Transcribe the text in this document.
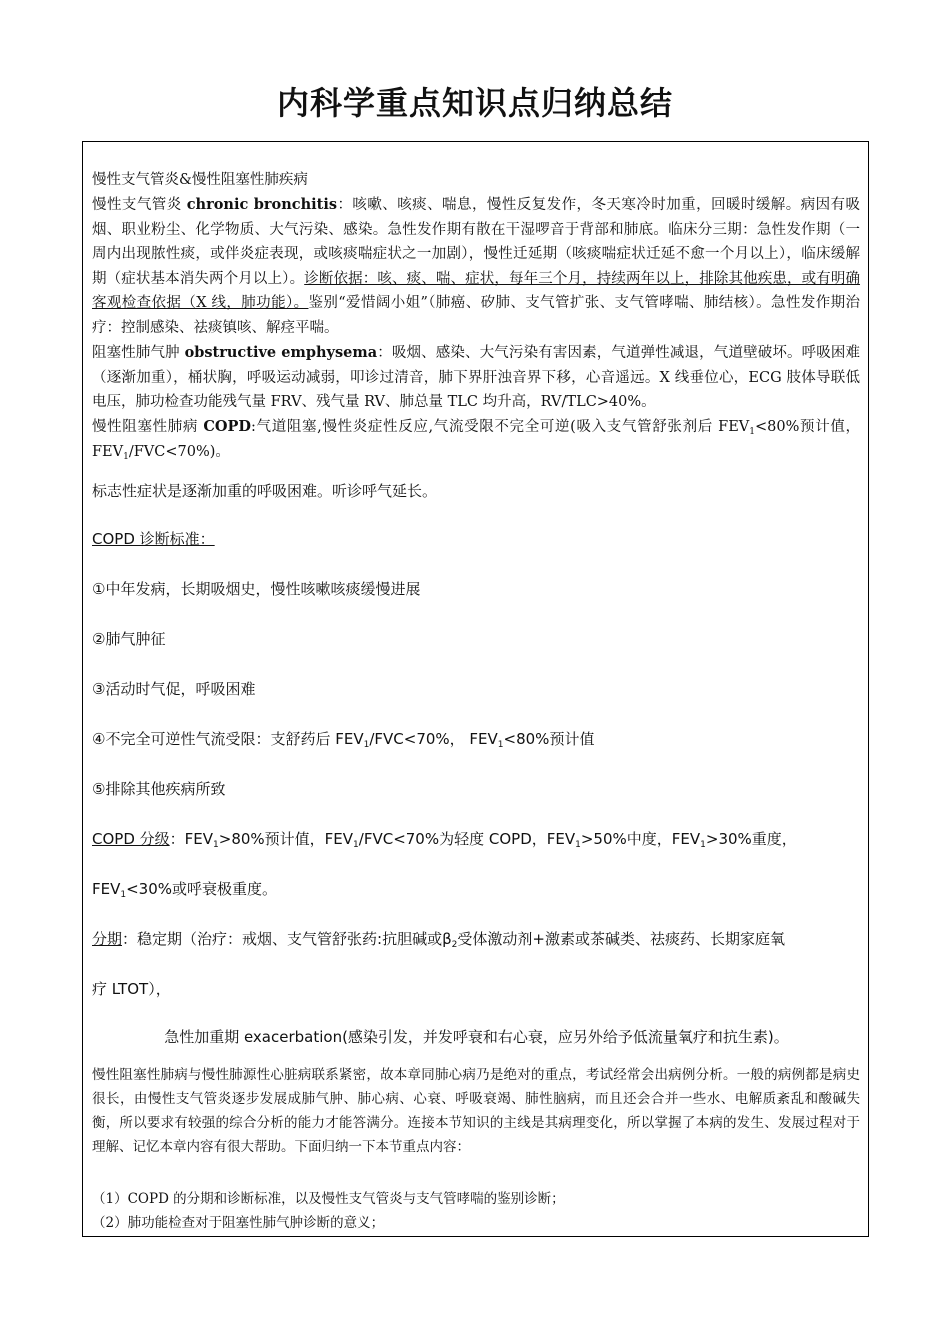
内科学重点知识点归纳总结
慢性支气管炎&慢性阻塞性肺疾病

慢性支气管炎 chronic bronchitis：咳嗽、咳痰、喘息，慢性反复发作，冬天寒冷时加重，回暖时缓解。病因有吸烟、职业粉尘、化学物质、大气污染、感染。急性发作期有散在干湿啰音于背部和肺底。临床分三期：急性发作期（一周内出现脓性痰，或伴炎症表现，或咳痰喘症状之一加剧），慢性迁延期（咳痰喘症状迁延不愈一个月以上），临床缓解期（症状基本消失两个月以上）。诊断依据：咳、痰、喘、症状，每年三个月，持续两年以上，排除其他疾患，或有明确客观检查依据（X 线，肺功能）。鉴别“爱惜阔小姐”（肺癌、矽肺、支气管扩张、支气管哮喘、肺结核）。急性发作期治疗：控制感染、祛痰镇咳、解痉平喘。

阻塞性肺气肿 obstructive emphysema：吸烟、感染、大气污染有害因素，气道弹性减退，气道壁破坏。呼吸困难（逐渐加重），桶状胸，呼吸运动减弱，叩诊过清音，肺下界肝浊音界下移，心音遥远。X 线垂位心，ECG 肢体导联低电压，肺功检查功能残气量 FRV、残气量 RV、肺总量 TLC 均升高，RV/TLC>40%。

慢性阻塞性肺病 COPD:气道阻塞,慢性炎症性反应,气流受限不完全可逆(吸入支气管舒张剂后 $FEV_1<80\%$预计值，$FEV_1/FVC<70\%$)。

标志性症状是逐渐加重的呼吸困难。听诊呼气延长。
COPD 诊断标准：
①中年发病，长期吸烟史，慢性咳嗽咳痰缓慢进展
②肺气肿征
③活动时气促，呼吸困难
④不完全可逆性气流受限：支舒药后 $FEV_1/FVC<70\%$， $FEV_1<80\%$预计值
⑤排除其他疾病所致
COPD 分级：$FEV_1>80\%$预计值，$FEV_1/FVC<70\%$为轻度 COPD，$FEV_1>50\%$中度，$FEV_1>30\%$重度，
$FEV_1<30\%$或呼衰极重度。
分期：稳定期（治疗：戒烟、支气管舒张药:抗胆碱或$\beta_2$受体激动剂+激素或茶碱类、祛痰药、长期家庭氧
疗 LTOT），
急性加重期 exacerbation(感染引发，并发呼衰和右心衰，应另外给予低流量氧疗和抗生素)。

慢性阻塞性肺病与慢性肺源性心脏病联系紧密，故本章同肺心病乃是绝对的重点，考试经常会出病例分析。一般的病例都是病史很长，由慢性支气管炎逐步发展成肺气肿、肺心病、心衰、呼吸衰竭、肺性脑病，而且还会合并一些水、电解质紊乱和酸碱失衡，所以要求有较强的综合分析的能力才能答满分。连接本节知识的主线是其病理变化，所以掌握了本病的发生、发展过程对于理解、记忆本章内容有很大帮助。下面归纳一下本节重点内容：

（1）COPD 的分期和诊断标准，以及慢性支气管炎与支气管哮喘的鉴别诊断；
（2）肺功能检查对于阻塞性肺气肿诊断的意义；
